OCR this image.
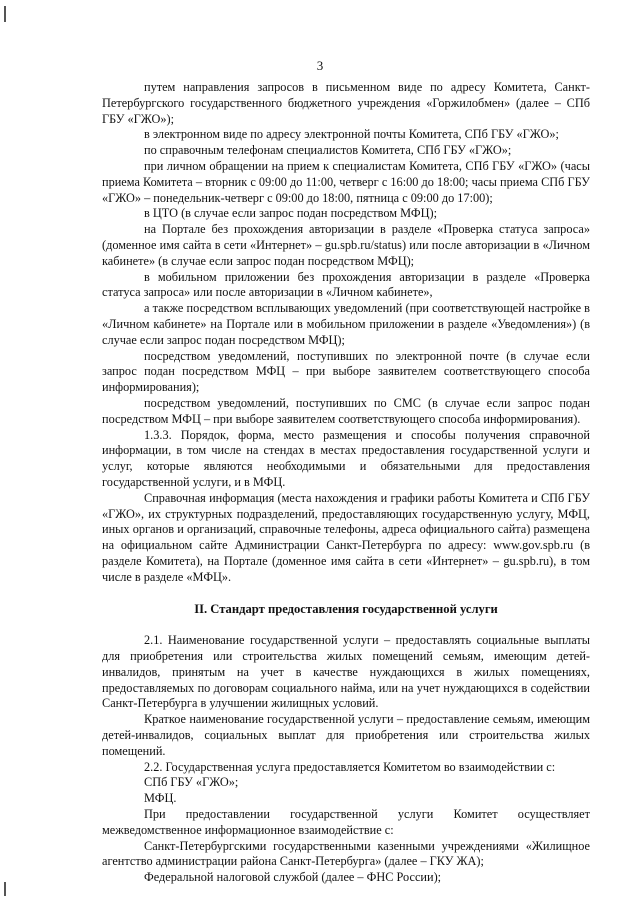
3

путем направления запросов в письменном виде по адресу Комитета, Санкт-Петербургского государственного бюджетного учреждения «Горжилобмен» (далее – СПб ГБУ «ГЖО»);

в электронном виде по адресу электронной почты Комитета, СПб ГБУ «ГЖО»;

по справочным телефонам специалистов Комитета, СПб ГБУ «ГЖО»;

при личном обращении на прием к специалистам Комитета, СПб ГБУ «ГЖО» (часы приема Комитета – вторник с 09:00 до 11:00, четверг с 16:00 до 18:00; часы приема СПб ГБУ «ГЖО» – понедельник-четверг с 09:00 до 18:00, пятница с 09:00 до 17:00);

в ЦТО (в случае если запрос подан посредством МФЦ);

на Портале без прохождения авторизации в разделе «Проверка статуса запроса» (доменное имя сайта в сети «Интернет» – gu.spb.ru/status) или после авторизации в «Личном кабинете» (в случае если запрос подан посредством МФЦ);

в мобильном приложении без прохождения авторизации в разделе «Проверка статуса запроса» или после авторизации в «Личном кабинете»,

а также посредством всплывающих уведомлений (при соответствующей настройке в «Личном кабинете» на Портале или в мобильном приложении в разделе «Уведомления») (в случае если запрос подан посредством МФЦ);

посредством уведомлений, поступивших по электронной почте (в случае если запрос подан посредством МФЦ – при выборе заявителем соответствующего способа информирования);

посредством уведомлений, поступивших по СМС (в случае если запрос подан посредством МФЦ – при выборе заявителем соответствующего способа информирования).

1.3.3. Порядок, форма, место размещения и способы получения справочной информации, в том числе на стендах в местах предоставления государственной услуги и услуг, которые являются необходимыми и обязательными для предоставления государственной услуги, и в МФЦ.

Справочная информация (места нахождения и графики работы Комитета и СПб ГБУ «ГЖО», их структурных подразделений, предоставляющих государственную услугу, МФЦ, иных органов и организаций, справочные телефоны, адреса официального сайта) размещена на официальном сайте Администрации Санкт-Петербурга по адресу: www.gov.spb.ru (в разделе Комитета), на Портале (доменное имя сайта в сети «Интернет» – gu.spb.ru), в том числе в разделе «МФЦ».

II. Стандарт предоставления государственной услуги

2.1. Наименование государственной услуги – предоставлять социальные выплаты для приобретения или строительства жилых помещений семьям, имеющим детей-инвалидов, принятым на учет в качестве нуждающихся в жилых помещениях, предоставляемых по договорам социального найма, или на учет нуждающихся в содействии Санкт-Петербурга в улучшении жилищных условий.

Краткое наименование государственной услуги – предоставление семьям, имеющим детей-инвалидов, социальных выплат для приобретения или строительства жилых помещений.

2.2. Государственная услуга предоставляется Комитетом во взаимодействии с:

СПб ГБУ «ГЖО»;

МФЦ.

При предоставлении государственной услуги Комитет осуществляет межведомственное информационное взаимодействие с:

Санкт-Петербургскими государственными казенными учреждениями «Жилищное агентство администрации района Санкт-Петербурга» (далее – ГКУ ЖА);

Федеральной налоговой службой (далее – ФНС России);
